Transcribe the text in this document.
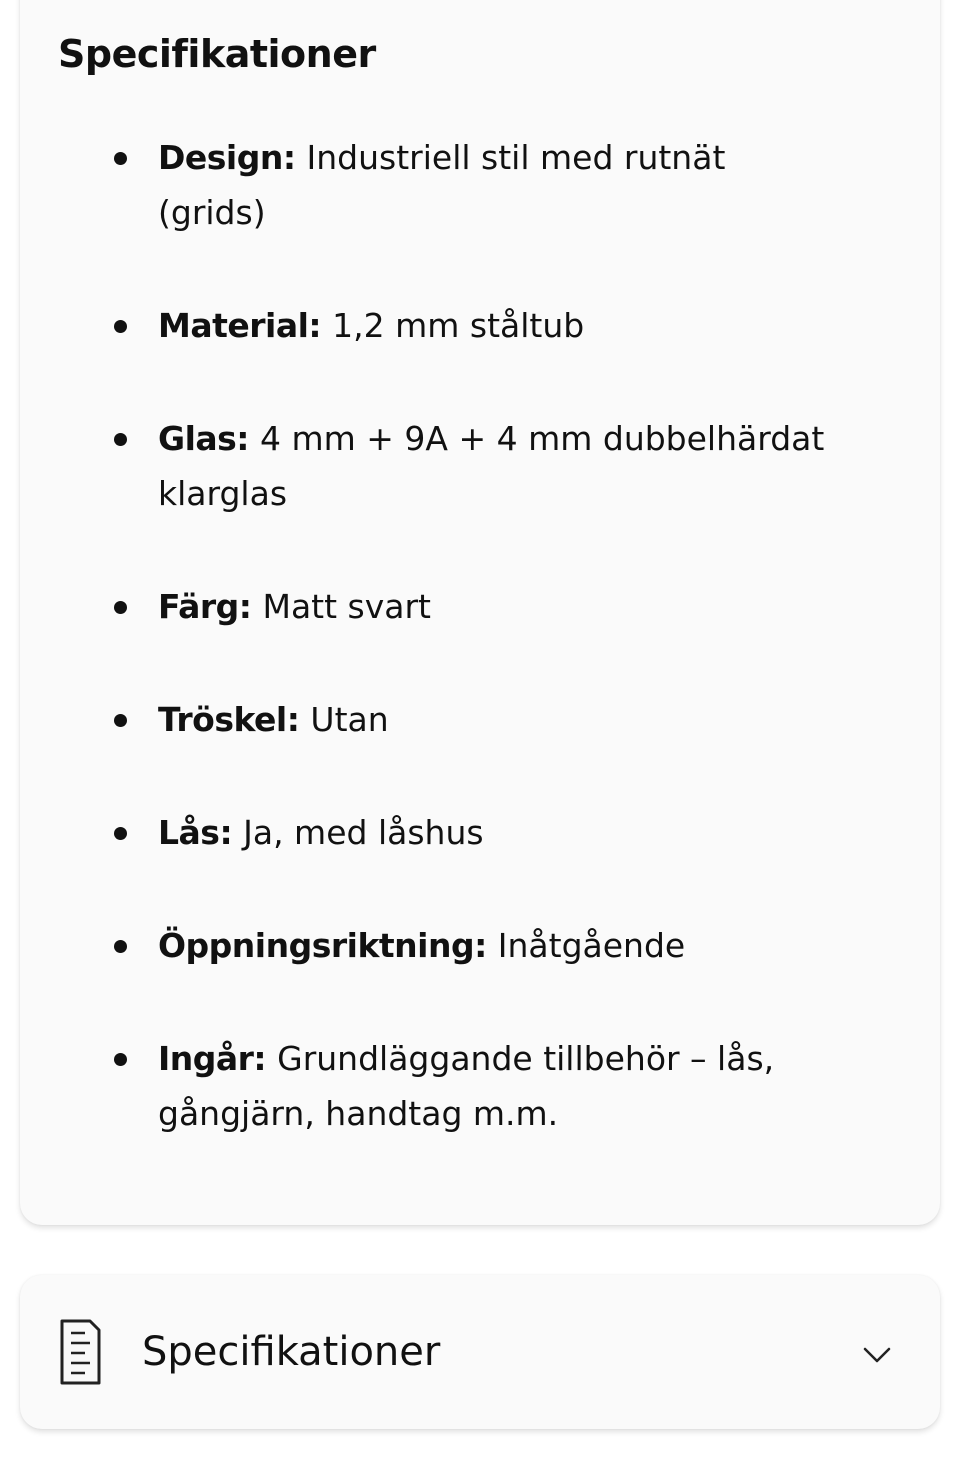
Specifikationer
Design: Industriell stil med rutnät (grids)
Material: 1,2 mm ståltub
Glas: 4 mm + 9A + 4 mm dubbelhärdat klarglas
Färg: Matt svart
Tröskel: Utan
Lås: Ja, med låshus
Öppningsriktning: Inåtgående
Ingår: Grundläggande tillbehör – lås, gångjärn, handtag m.m.
Specifikationer
